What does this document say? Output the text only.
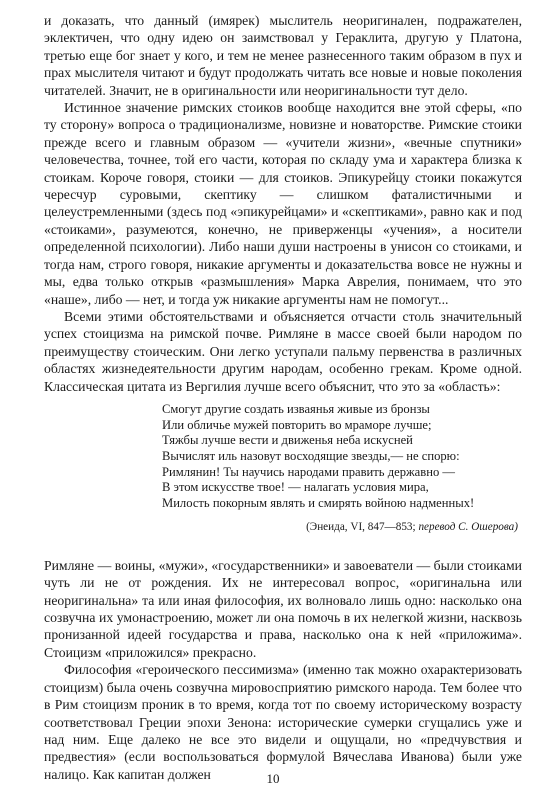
и доказать, что данный (имярек) мыслитель неоригинален, подражателен, эклектичен, что одну идею он заимствовал у Гераклита, другую у Платона, третью еще бог знает у кого, и тем не менее разнесенного таким образом в пух и прах мыслителя читают и будут продолжать читать все новые и новые поколения читателей. Значит, не в оригинальности или неоригинальности тут дело.

Истинное значение римских стоиков вообще находится вне этой сферы, «по ту сторону» вопроса о традиционализме, новизне и новаторстве. Римские стоики прежде всего и главным образом — «учители жизни», «вечные спутники» человечества, точнее, той его части, которая по складу ума и характера близка к стоикам. Короче говоря, стоики — для стоиков. Эпикурейцу стоики покажутся чересчур суровыми, скептику — слишком фаталистичными и целеустремленными (здесь под «эпикурейцами» и «скептиками», равно как и под «стоиками», разумеются, конечно, не приверженцы «учения», а носители определенной психологии). Либо наши души настроены в унисон со стоиками, и тогда нам, строго говоря, никакие аргументы и доказательства вовсе не нужны и мы, едва только открыв «размышления» Марка Аврелия, понимаем, что это «наше», либо — нет, и тогда уж никакие аргументы нам не помогут...

Всеми этими обстоятельствами и объясняется отчасти столь значительный успех стоицизма на римской почве. Римляне в массе своей были народом по преимуществу стоическим. Они легко уступали пальму первенства в различных областях жизнедеятельности другим народам, особенно грекам. Кроме одной. Классическая цитата из Вергилия лучше всего объяснит, что это за «область»:

Смогут другие создать изваянья живые из бронзы
Или обличье мужей повторить во мраморе лучше;
Тяжбы лучше вести и движенья неба искусней
Вычислят иль назовут восходящие звезды,— не спорю:
Римлянин! Ты научись народами править державно —
В этом искусстве твое! — налагать условия мира,
Милость покорным являть и смирять войною надменных!
(Энеида, VI, 847—853; перевод С. Ошерова)

Римляне — воины, «мужи», «государственники» и завоеватели — были стоиками чуть ли не от рождения. Их не интересовал вопрос, «оригинальна или неоригинальна» та или иная философия, их волновало лишь одно: насколько она созвучна их умонастроению, может ли она помочь в их нелегкой жизни, насквозь пронизанной идеей государства и права, насколько она к ней «приложима». Стоицизм «приложился» прекрасно.

Философия «героического пессимизма» (именно так можно охарактеризовать стоицизм) была очень созвучна мировосприятию римского народа. Тем более что в Рим стоицизм проник в то время, когда тот по своему историческому возрасту соответствовал Греции эпохи Зенона: исторические сумерки сгущались уже и над ним. Еще далеко не все это видели и ощущали, но «предчувствия и предвестия» (если воспользоваться формулой Вячеслава Иванова) были уже налицо. Как капитан должен	10
